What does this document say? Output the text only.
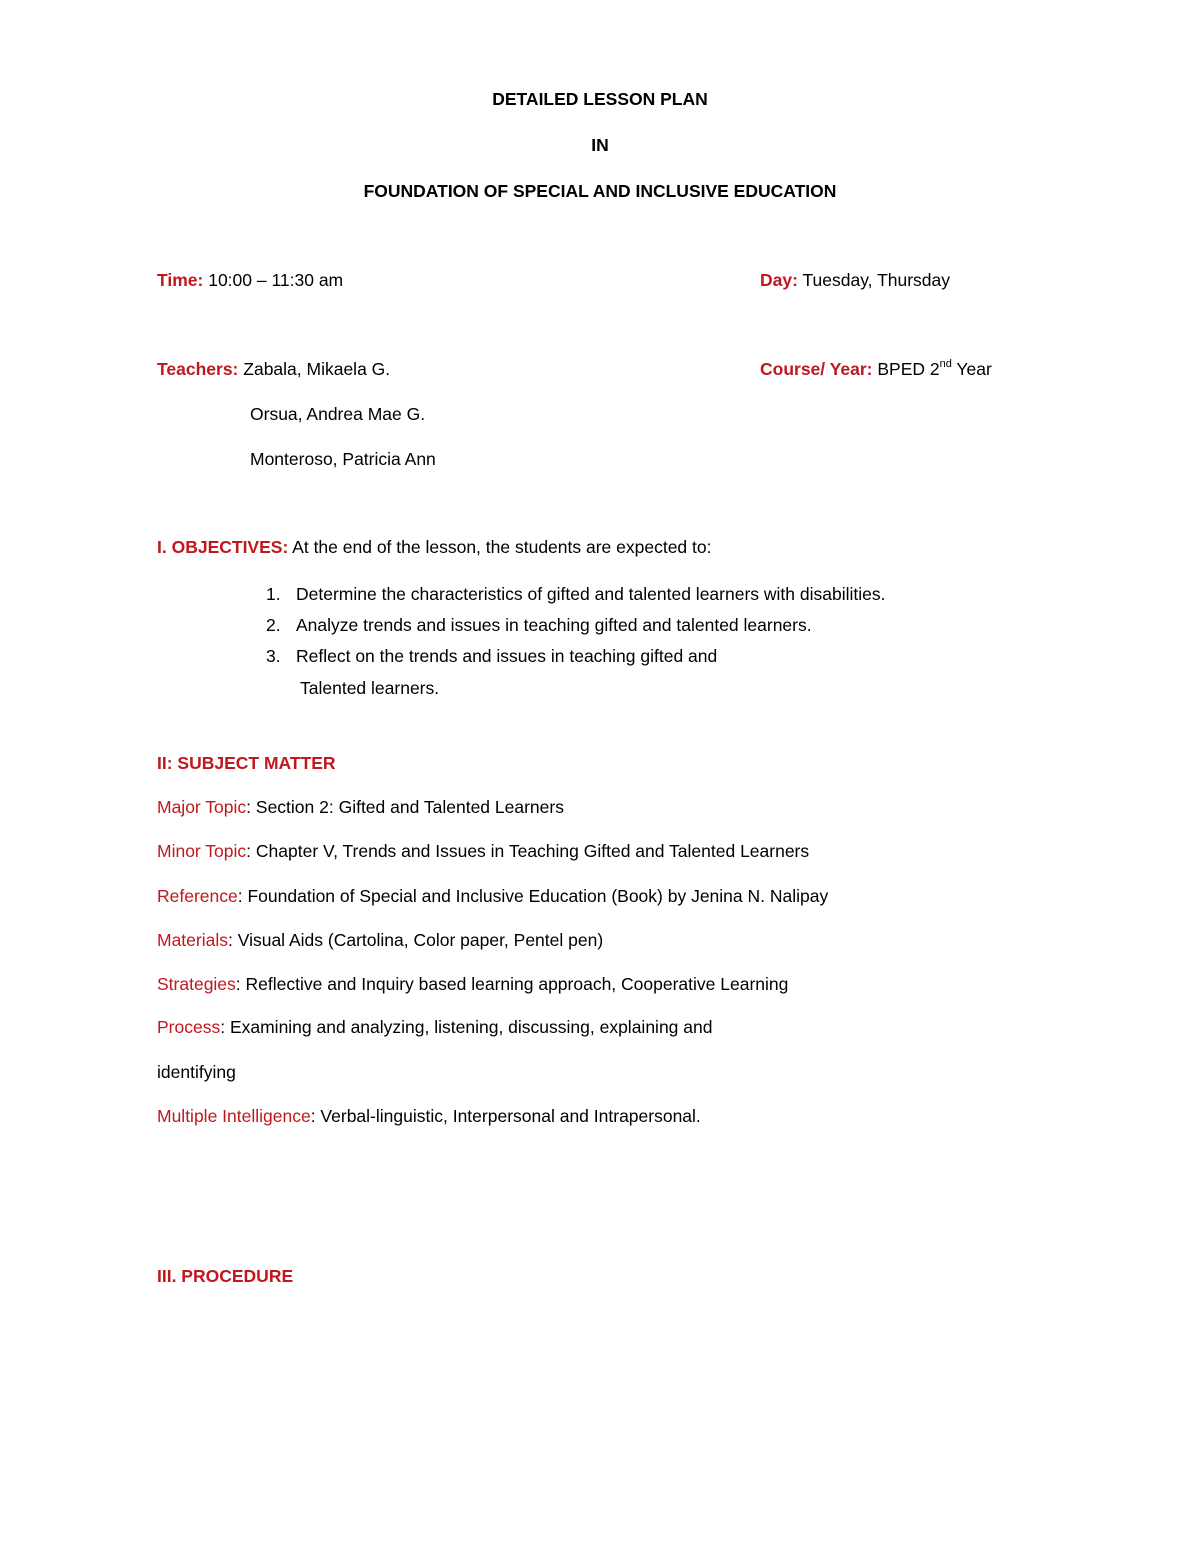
DETAILED LESSON PLAN
IN
FOUNDATION OF SPECIAL AND INCLUSIVE EDUCATION
Time: 10:00 – 11:30 am	Day: Tuesday, Thursday
Teachers: Zabala, Mikaela G.	Course/ Year: BPED 2nd Year
Orsua, Andrea Mae G.
Monteroso, Patricia Ann
I. OBJECTIVES: At the end of the lesson, the students are expected to:
1. Determine the characteristics of gifted and talented learners with disabilities.
2. Analyze trends and issues in teaching gifted and talented learners.
3. Reflect on the trends and issues in teaching gifted and
Talented learners.
II: SUBJECT MATTER
Major Topic: Section 2: Gifted and Talented Learners
Minor Topic: Chapter V, Trends and Issues in Teaching Gifted and Talented Learners
Reference: Foundation of Special and Inclusive Education (Book) by Jenina N. Nalipay
Materials: Visual Aids (Cartolina, Color paper, Pentel pen)
Strategies: Reflective and Inquiry based learning approach, Cooperative Learning
Process: Examining and analyzing, listening, discussing, explaining and
identifying
Multiple Intelligence: Verbal-linguistic, Interpersonal and Intrapersonal.
III. PROCEDURE
